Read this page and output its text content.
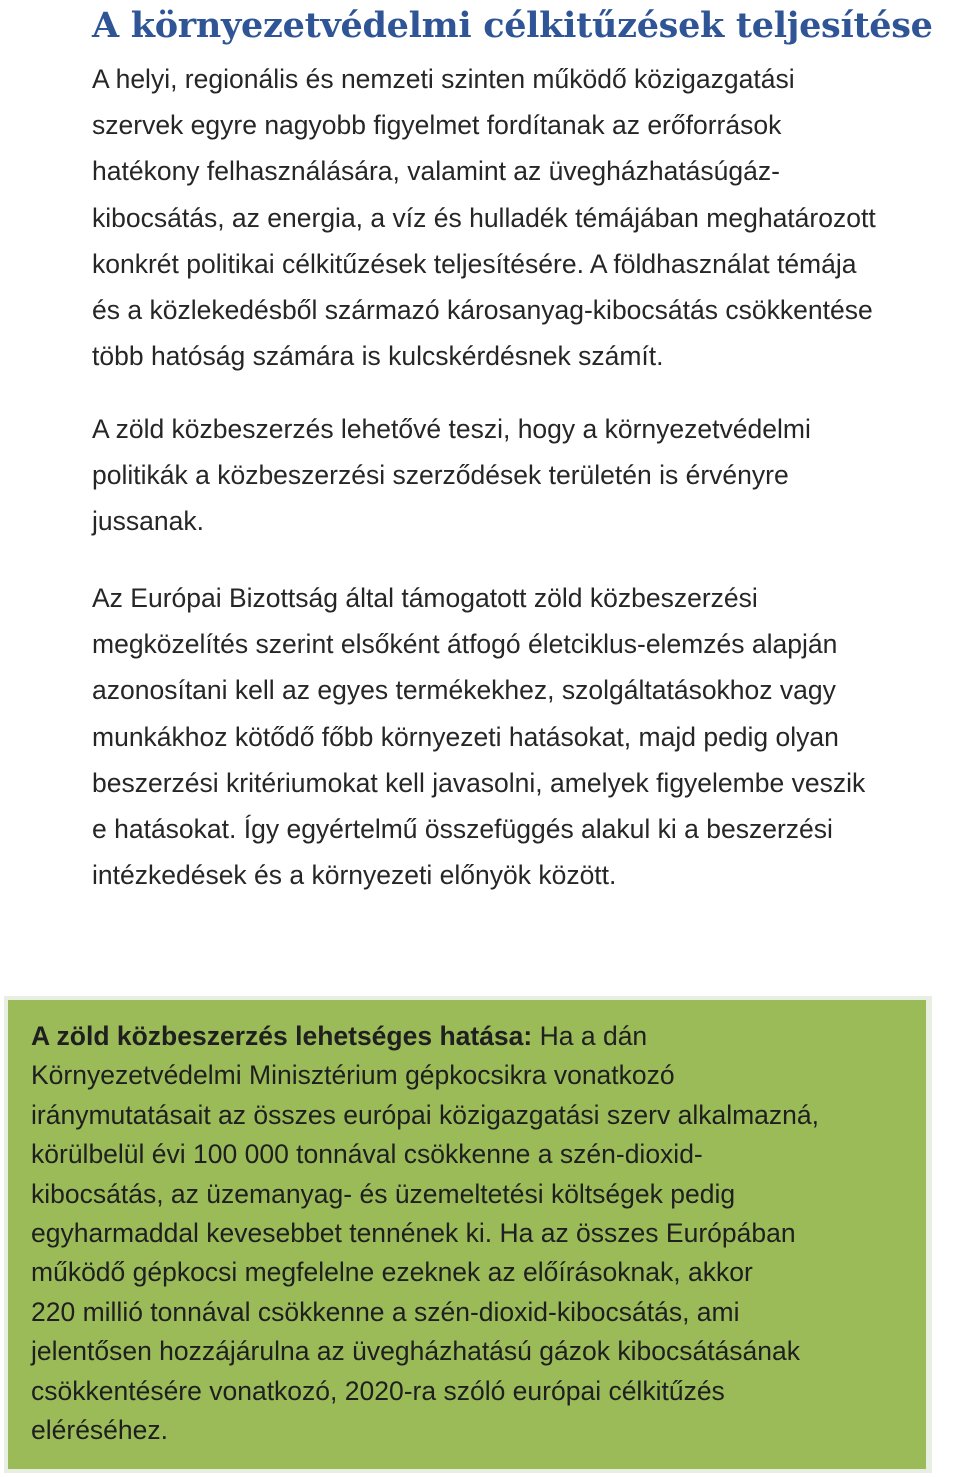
A környezetvédelmi célkitűzések teljesítése

A helyi, regionális és nemzeti szinten működő közigazgatási
szervek egyre nagyobb figyelmet fordítanak az erőforrások
hatékony felhasználására, valamint az üvegházhatásúgáz-
kibocsátás, az energia, a víz és hulladék témájában meghatározott
konkrét politikai célkitűzések teljesítésére. A földhasználat témája
és a közlekedésből származó károsanyag-kibocsátás csökkentése
több hatóság számára is kulcskérdésnek számít.

A zöld közbeszerzés lehetővé teszi, hogy a környezetvédelmi
politikák a közbeszerzési szerződések területén is érvényre
jussanak.

Az Európai Bizottság által támogatott zöld közbeszerzési
megközelítés szerint elsőként átfogó életciklus-elemzés alapján
azonosítani kell az egyes termékekhez, szolgáltatásokhoz vagy
munkákhoz kötődő főbb környezeti hatásokat, majd pedig olyan
beszerzési kritériumokat kell javasolni, amelyek figyelembe veszik
e hatásokat. Így egyértelmű összefüggés alakul ki a beszerzési
intézkedések és a környezeti előnyök között.

A zöld közbeszerzés lehetséges hatása: Ha a dán
Környezetvédelmi Minisztérium gépkocsikra vonatkozó
iránymutatásait az összes európai közigazgatási szerv alkalmazná,
körülbelül évi 100 000 tonnával csökkenne a szén-dioxid-
kibocsátás, az üzemanyag- és üzemeltetési költségek pedig
egyharmaddal kevesebbet tennének ki. Ha az összes Európában
működő gépkocsi megfelelne ezeknek az előírásoknak, akkor
220 millió tonnával csökkenne a szén-dioxid-kibocsátás, ami
jelentősen hozzájárulna az üvegházhatású gázok kibocsátásának
csökkentésére vonatkozó, 2020-ra szóló európai célkitűzés
eléréséhez.
